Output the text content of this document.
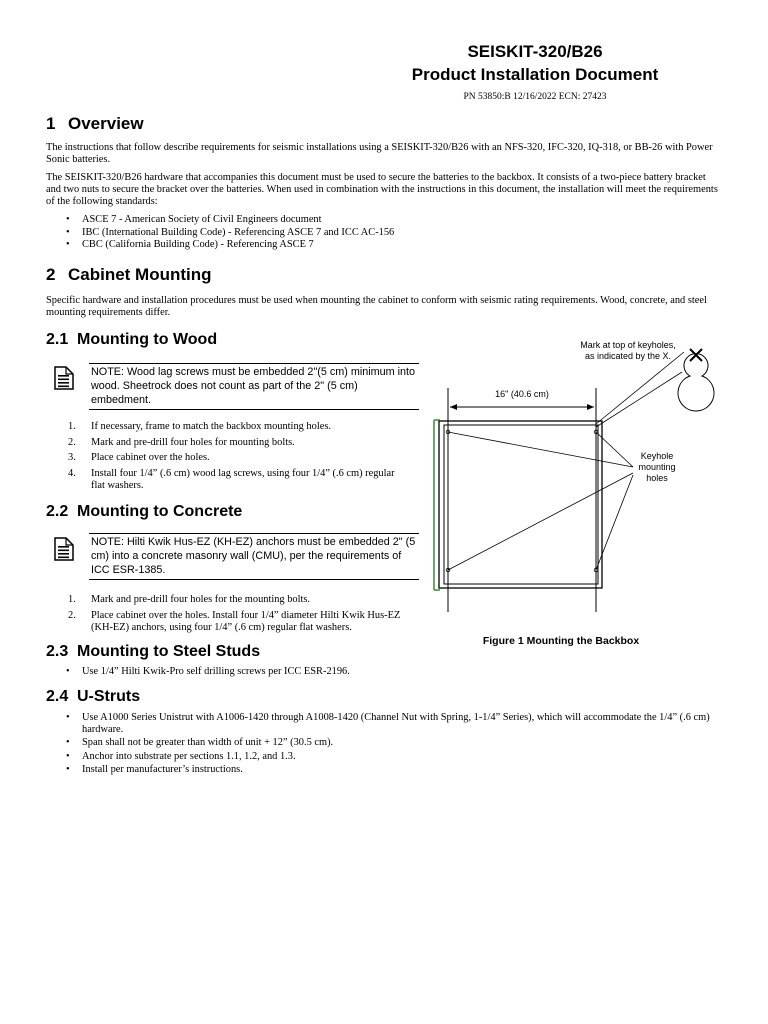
SEISKIT-320/B26
Product Installation Document
PN 53850:B 12/16/2022 ECN: 27423
1 Overview

The instructions that follow describe requirements for seismic installations using a SEISKIT-320/B26 with an NFS-320, IFC-320, IQ-318, or BB-26 with Power Sonic batteries.

The SEISKIT-320/B26 hardware that accompanies this document must be used to secure the batteries to the backbox. It consists of a two-piece battery bracket and two nuts to secure the bracket over the batteries. When used in combination with the instructions in this document, the installation will meet the requirements of the following standards:

• ASCE 7 - American Society of Civil Engineers document
• IBC (International Building Code) - Referencing ASCE 7 and ICC AC-156
• CBC (California Building Code) - Referencing ASCE 7
2 Cabinet Mounting

Specific hardware and installation procedures must be used when mounting the cabinet to conform with seismic rating requirements. Wood, concrete, and steel mounting requirements differ.

2.1 Mounting to Wood
NOTE: Wood lag screws must be embedded 2"(5 cm) minimum into wood. Sheetrock does not count as part of the 2" (5 cm) embedment.
1. If necessary, frame to match the backbox mounting holes.
2. Mark and pre-drill four holes for mounting bolts.
3. Place cabinet over the holes.
4. Install four 1/4” (.6 cm) wood lag screws, using four 1/4” (.6 cm) regular flat washers.
2.2 Mounting to Concrete
NOTE: Hilti Kwik Hus-EZ (KH-EZ) anchors must be embedded 2" (5 cm) into a concrete masonry wall (CMU), per the requirements of ICC ESR-1385.
1. Mark and pre-drill four holes for the mounting bolts.
2. Place cabinet over the holes. Install four 1/4” diameter Hilti Kwik Hus-EZ (KH-EZ) anchors, using four 1/4” (.6 cm) regular flat washers.
2.3 Mounting to Steel Studs
• Use 1/4” Hilti Kwik-Pro self drilling screws per ICC ESR-2196.
2.4 U-Struts
• Use A1000 Series Unistrut with A1006-1420 through A1008-1420 (Channel Nut with Spring, 1-1/4” Series), which will accommodate the 1/4” (.6 cm) hardware.
• Span shall not be greater than width of unit + 12” (30.5 cm).
• Anchor into substrate per sections 1.1, 1.2, and 1.3.
• Install per manufacturer’s instructions.
Mark at top of keyholes, as indicated by the X.
16" (40.6 cm)
Keyhole mounting holes
Figure 1 Mounting the Backbox
